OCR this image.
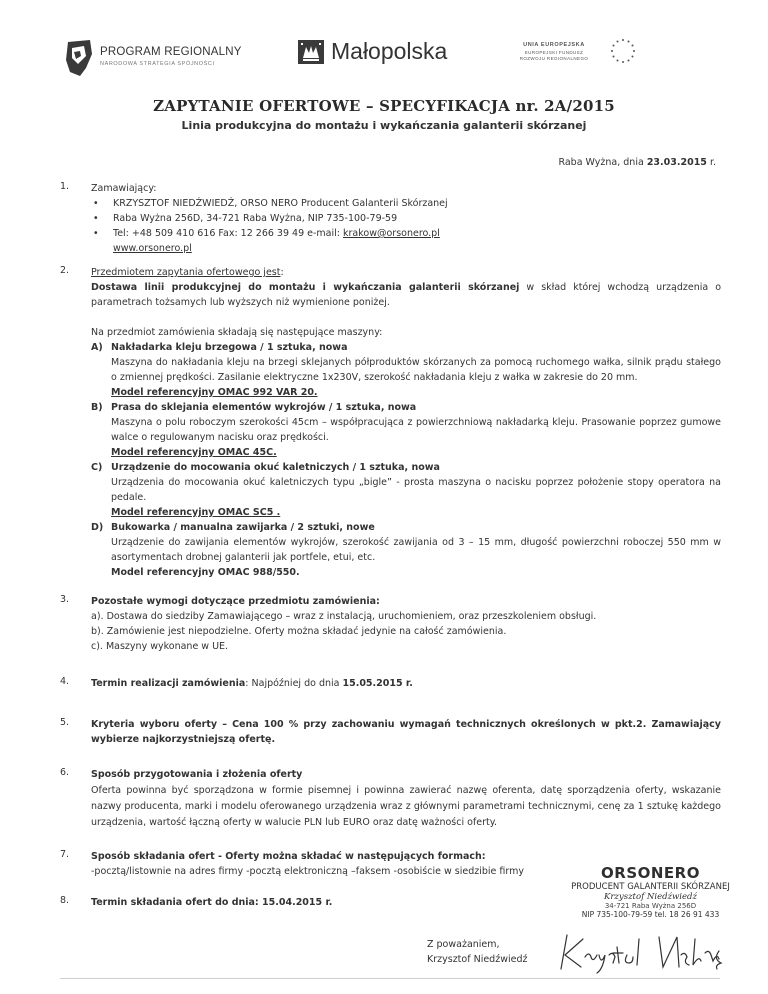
PROGRAM REGIONALNY
NARODOWA STRATEGIA SPÓJNOŚCI	Małopolska	UNIA EUROPEJSKA
EUROPEJSKI FUNDUSZ
ROZWOJU REGIONALNEGO
ZAPYTANIE OFERTOWE – SPECYFIKACJA nr. 2A/2015
Linia produkcyjna do montażu i wykańczania galanterii skórzanej
Raba Wyżna, dnia 23.03.2015 r.
1. Zamawiający:

• KRZYSZTOF NIEDŹWIEDŹ, ORSO NERO Producent Galanterii Skórzanej
• Raba Wyżna 256D, 34-721 Raba Wyżna, NIP 735-100-79-59
• Tel: +48 509 410 616 Fax: 12 266 39 49 e-mail: krakow@orsonero.pl
www.orsonero.pl
2. Przedmiotem zapytania ofertowego jest:

Dostawa linii produkcyjnej do montażu i wykańczania galanterii skórzanej w skład której wchodzą urządzenia o parametrach tożsamych lub wyższych niż wymienione poniżej.

Na przedmiot zamówienia składają się następujące maszyny:

A) Nakładarka kleju brzegowa / 1 sztuka, nowa

Maszyna do nakładania kleju na brzegi sklejanych półproduktów skórzanych za pomocą ruchomego wałka, silnik prądu stałego o zmiennej prędkości. Zasilanie elektryczne 1x230V, szerokość nakładania kleju z wałka w zakresie do 20 mm.

Model referencyjny OMAC 992 VAR 20.

B) Prasa do sklejania elementów wykrojów / 1 sztuka, nowa

Maszyna o polu roboczym szerokości 45cm – współpracująca z powierzchniową nakładarką kleju. Prasowanie poprzez gumowe walce o regulowanym nacisku oraz prędkości.

Model referencyjny OMAC 45C.

C) Urządzenie do mocowania okuć kaletniczych / 1 sztuka, nowa

Urządzenia do mocowania okuć kaletniczych typu „bigle” - prosta maszyna o nacisku poprzez położenie stopy operatora na pedale.

Model referencyjny OMAC SC5 .

D) Bukowarka / manualna zawijarka / 2 sztuki, nowe

Urządzenie do zawijania elementów wykrojów, szerokość zawijania od 3 – 15 mm, długość powierzchni roboczej 550 mm w asortymentach drobnej galanterii jak portfele, etui, etc.

Model referencyjny OMAC 988/550.

3. Pozostałe wymogi dotyczące przedmiotu zamówienia:

a). Dostawa do siedziby Zamawiającego – wraz z instalacją, uruchomieniem, oraz przeszkoleniem obsługi.

b). Zamówienie jest niepodzielne. Oferty można składać jedynie na całość zamówienia.

c). Maszyny wykonane w UE.

4. Termin realizacji zamówienia: Najpóźniej do dnia 15.05.2015 r.

5. Kryteria wyboru oferty – Cena 100 % przy zachowaniu wymagań technicznych określonych w pkt.2. Zamawiający wybierze najkorzystniejszą ofertę.

6. Sposób przygotowania i złożenia oferty

Oferta powinna być sporządzona w formie pisemnej i powinna zawierać nazwę oferenta, datę sporządzenia oferty, wskazanie nazwy producenta, marki i modelu oferowanego urządzenia wraz z głównymi parametrami technicznymi, cenę za 1 sztukę każdego urządzenia, wartość łączną oferty w walucie PLN lub EURO oraz datę ważności oferty.

7. Sposób składania ofert - Oferty można składać w następujących formach:

-pocztą/listownie na adres firmy -pocztą elektroniczną –faksem -osobiście w siedzibie firmy

8. Termin składania ofert do dnia: 15.04.2015 r.

ORSONERO
PRODUCENT GALANTERII SKÓRZANEJ
Krzysztof Niedźwiedź
34-721 Raba Wyżna 256D
NIP 735-100-79-59 tel. 18 26 91 433
Z poważaniem,
Krzysztof Niedźwiedź
